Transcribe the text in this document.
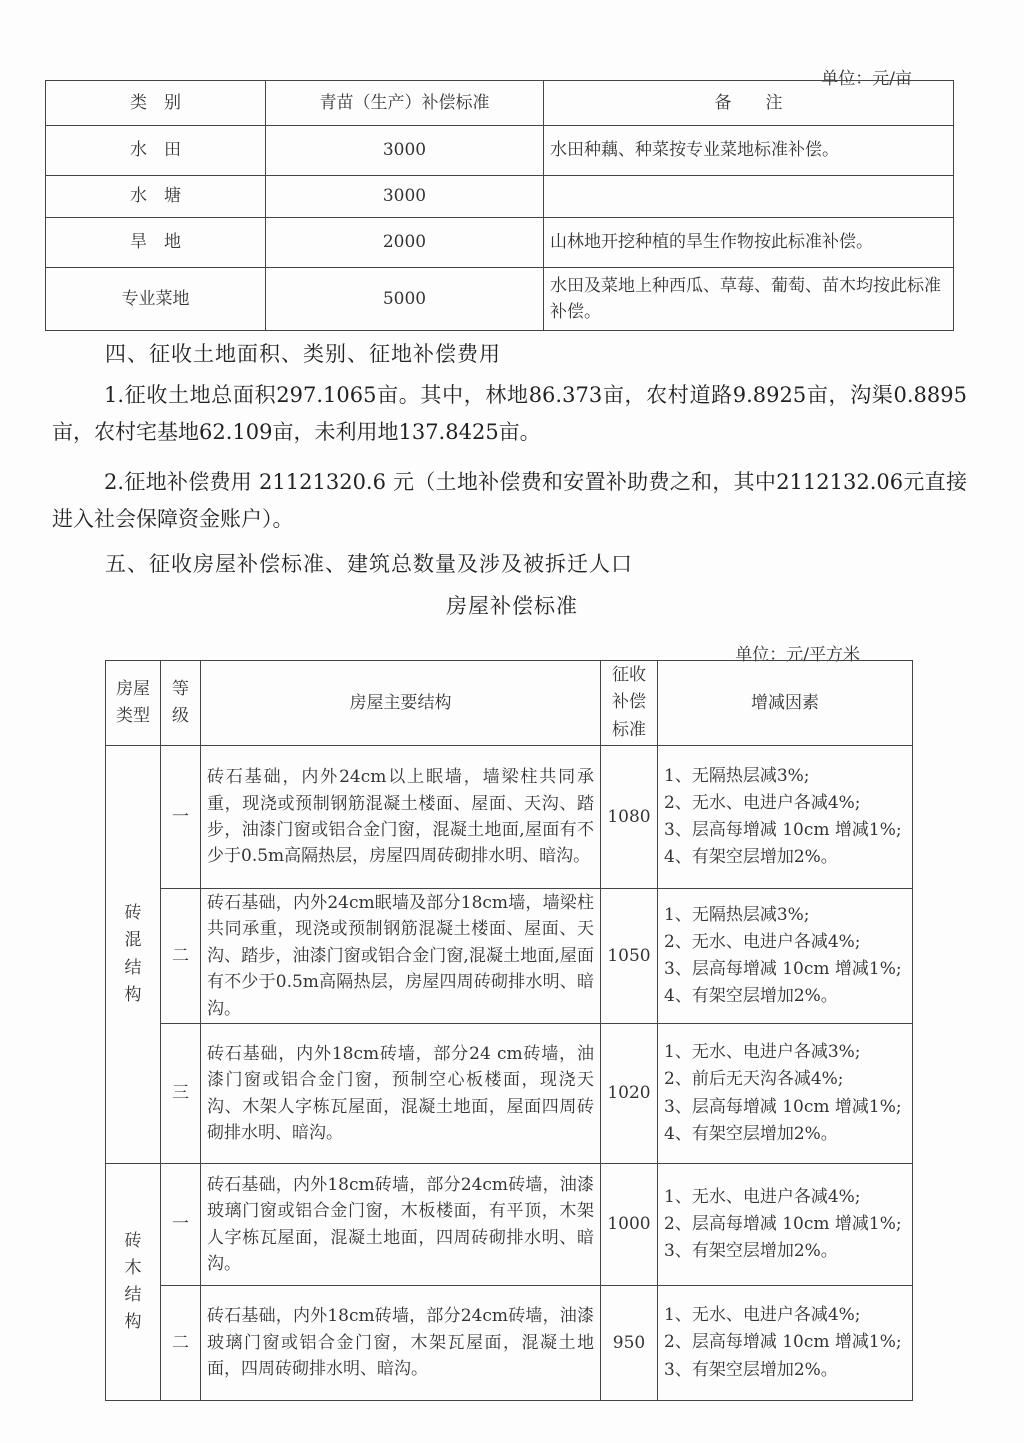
单位：元/亩
类　别	青苗（生产）补偿标准	备　　注
水　田	3000	水田种藕、种菜按专业菜地标准补偿。
水　塘	3000	
旱　地	2000	山林地开挖种植的旱生作物按此标准补偿。
专业菜地	5000	水田及菜地上种西瓜、草莓、葡萄、苗木均按此标准补偿。
四、征收土地面积、类别、征地补偿费用
1.征收土地总面积297.1065亩。其中，林地86.373亩，农村道路9.8925亩，沟渠0.8895亩，农村宅基地62.109亩，未利用地137.8425亩。
2.征地补偿费用 21121320.6 元（土地补偿费和安置补助费之和，其中2112132.06元直接进入社会保障资金账户）。
五、征收房屋补偿标准、建筑总数量及涉及被拆迁人口
房屋补偿标准
单位：元/平方米
房屋类型	等级	房屋主要结构	征收补偿标准	增减因素
砖混结构	一	砖石基础，内外24cm以上眠墙，墙梁柱共同承重，现浇或预制钢筋混凝土楼面、屋面、天沟、踏步，油漆门窗或铝合金门窗，混凝土地面,屋面有不少于0.5m高隔热层，房屋四周砖砌排水明、暗沟。	1080	1、无隔热层减3%;
2、无水、电进户各减4%;
3、层高每增减 10cm 增减1%;
4、有架空层增加2%。

	二	砖石基础，内外24cm眠墙及部分18cm墙，墙梁柱共同承重，现浇或预制钢筋混凝土楼面、屋面、天沟、踏步，油漆门窗或铝合金门窗,混凝土地面,屋面有不少于0.5m高隔热层，房屋四周砖砌排水明、暗沟。	1050	1、无隔热层减3%;
2、无水、电进户各减4%;
3、层高每增减 10cm 增减1%;
4、有架空层增加2%。

	三	砖石基础，内外18cm砖墙，部分24 cm砖墙，油漆门窗或铝合金门窗，预制空心板楼面，现浇天沟、木架人字栋瓦屋面，混凝土地面，屋面四周砖砌排水明、暗沟。	1020	1、无水、电进户各减3%;
2、前后无天沟各减4%;
3、层高每增减 10cm 增减1%;
4、有架空层增加2%。

砖木结构	一	砖石基础，内外18cm砖墙，部分24cm砖墙，油漆玻璃门窗或铝合金门窗，木板楼面，有平顶，木架人字栋瓦屋面，混凝土地面，四周砖砌排水明、暗沟。	1000	1、无水、电进户各减4%;
2、层高每增减 10cm 增减1%;
3、有架空层增加2%。

	二	砖石基础，内外18cm砖墙，部分24cm砖墙，油漆玻璃门窗或铝合金门窗，木架瓦屋面，混凝土地面，四周砖砌排水明、暗沟。	950	1、无水、电进户各减4%;
2、层高每增减 10cm 增减1%;
3、有架空层增加2%。
